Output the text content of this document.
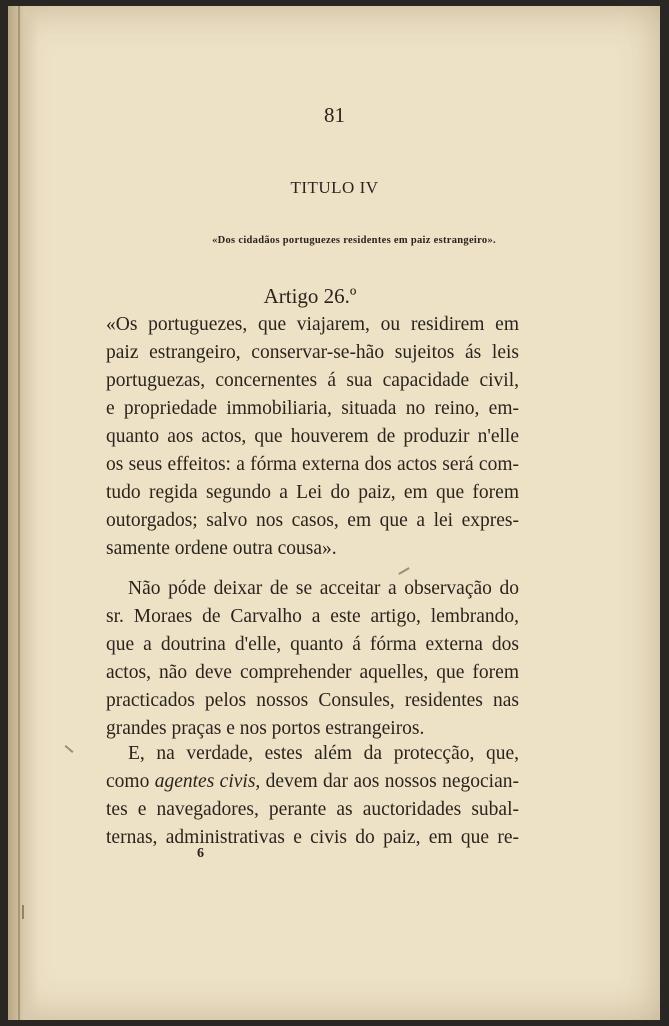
81
TITULO IV
«Dos cidadãos portuguezes residentes em paiz estrangeiro».
Artigo 26.º
«Os portuguezes, que viajarem, ou residirem em
paiz estrangeiro, conservar-se-hão sujeitos ás leis
portuguezas, concernentes á sua capacidade civil,
e propriedade immobiliaria, situada no reino, em-
quanto aos actos, que houverem de produzir n'elle
os seus effeitos: a fórma externa dos actos será com-
tudo regida segundo a Lei do paiz, em que forem
outorgados; salvo nos casos, em que a lei expres-
samente ordene outra cousa».
Não póde deixar de se acceitar a observação do
sr. Moraes de Carvalho a este artigo, lembrando,
que a doutrina d'elle, quanto á fórma externa dos
actos, não deve comprehender aquelles, que forem
practicados pelos nossos Consules, residentes nas
grandes praças e nos portos estrangeiros.
E, na verdade, estes além da protecção, que,
como agentes civis, devem dar aos nossos negocian-
tes e navegadores, perante as auctoridades subal-
ternas, administrativas e civis do paiz, em que re-
6
